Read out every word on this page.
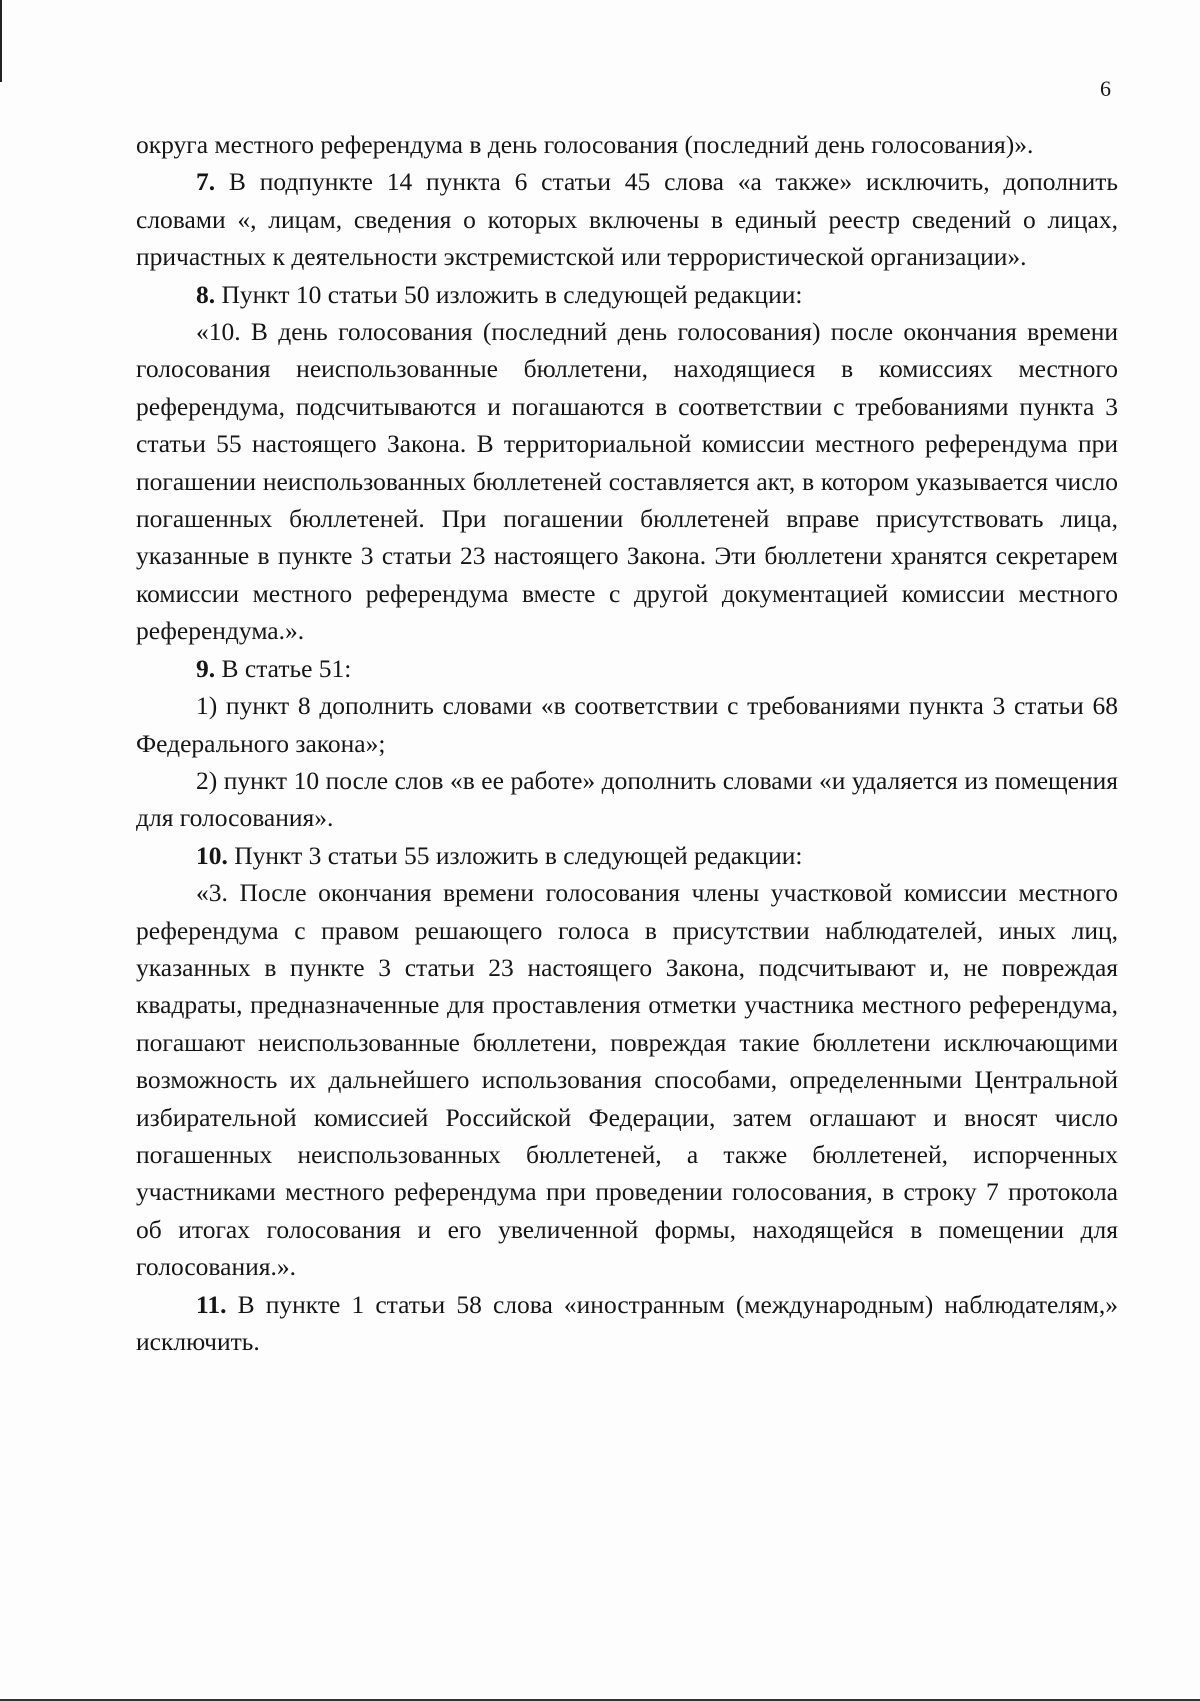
6

округа местного референдума в день голосования (последний день голосования)».

7. В подпункте 14 пункта 6 статьи 45 слова «а также» исключить, дополнить словами «, лицам, сведения о которых включены в единый реестр сведений о лицах, причастных к деятельности экстремистской или террористической организации».

8. Пункт 10 статьи 50 изложить в следующей редакции:

«10. В день голосования (последний день голосования) после окончания времени голосования неиспользованные бюллетени, находящиеся в комиссиях местного референдума, подсчитываются и погашаются в соответствии с требованиями пункта 3 статьи 55 настоящего Закона. В территориальной комиссии местного референдума при погашении неиспользованных бюллетеней составляется акт, в котором указывается число погашенных бюллетеней. При погашении бюллетеней вправе присутствовать лица, указанные в пункте 3 статьи 23 настоящего Закона. Эти бюллетени хранятся секретарем комиссии местного референдума вместе с другой документацией комиссии местного референдума.».

9. В статье 51:

1) пункт 8 дополнить словами «в соответствии с требованиями пункта 3 статьи 68 Федерального закона»;

2) пункт 10 после слов «в ее работе» дополнить словами «и удаляется из помещения для голосования».

10. Пункт 3 статьи 55 изложить в следующей редакции:

«3. После окончания времени голосования члены участковой комиссии местного референдума с правом решающего голоса в присутствии наблюдателей, иных лиц, указанных в пункте 3 статьи 23 настоящего Закона, подсчитывают и, не повреждая квадраты, предназначенные для проставления отметки участника местного референдума, погашают неиспользованные бюллетени, повреждая такие бюллетени исключающими возможность их дальнейшего использования способами, определенными Центральной избирательной комиссией Российской Федерации, затем оглашают и вносят число погашенных неиспользованных бюллетеней, а также бюллетеней, испорченных участниками местного референдума при проведении голосования, в строку 7 протокола об итогах голосования и его увеличенной формы, находящейся в помещении для голосования.».

11. В пункте 1 статьи 58 слова «иностранным (международным) наблюдателям,» исключить.
